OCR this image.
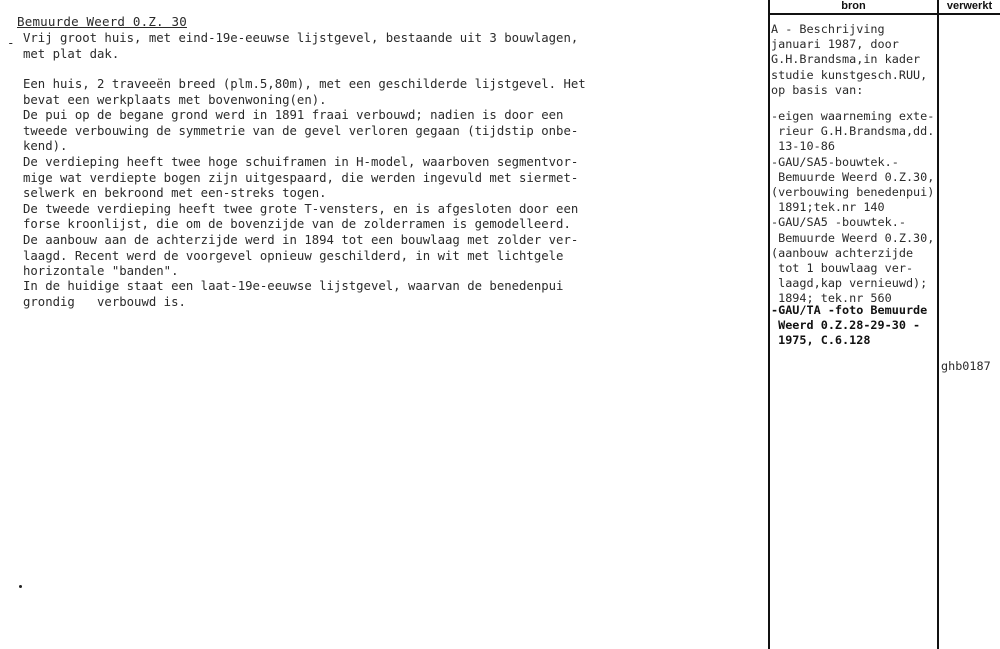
Bemuurde Weerd 0.Z. 30
- Vrij groot huis, met eind-19e-eeuwse lijstgevel, bestaande uit 3 bouwlagen,
met plat dak.

Een huis, 2 traveeën breed (plm.5,80m), met een geschilderde lijstgevel. Het
bevat een werkplaats met bovenwoning(en).
De pui op de begane grond werd in 1891 fraai verbouwd; nadien is door een
tweede verbouwing de symmetrie van de gevel verloren gegaan (tijdstip onbe-
kend).
De verdieping heeft twee hoge schuiframen in H-model, waarboven segmentvor-
mige wat verdiepte bogen zijn uitgespaard, die werden ingevuld met siermet-
selwerk en bekroond met een-streks togen.
De tweede verdieping heeft twee grote T-vensters, en is afgesloten door een
forse kroonlijst, die om de bovenzijde van de zolderramen is gemodelleerd.
De aanbouw aan de achterzijde werd in 1894 tot een bouwlaag met zolder ver-
laagd. Recent werd de voorgevel opnieuw geschilderd, in wit met lichtgele
horizontale "banden".

In de huidige staat een laat-19e-eeuwse lijstgevel, waarvan de benedenpui
grondig   verbouwd is.

bron	verwerkt

A - Beschrijving
januari 1987, door
G.H.Brandsma,in kader
studie kunstgesch.RUU,
op basis van:

-eigen waarneming exte-
rieur G.H.Brandsma,dd.
13-10-86
-GAU/SA5-bouwtek.-
Bemuurde Weerd 0.Z.30,
(verbouwing benedenpui)
1891;tek.nr 140
-GAU/SA5 -bouwtek.-
Bemuurde Weerd 0.Z.30,
(aanbouw achterzijde
tot 1 bouwlaag ver-
laagd,kap vernieuwd);
1894; tek.nr 560

-GAU/TA -foto Bemuurde
Weerd 0.Z.28-29-30 -
1975, C.6.128

ghb0187
